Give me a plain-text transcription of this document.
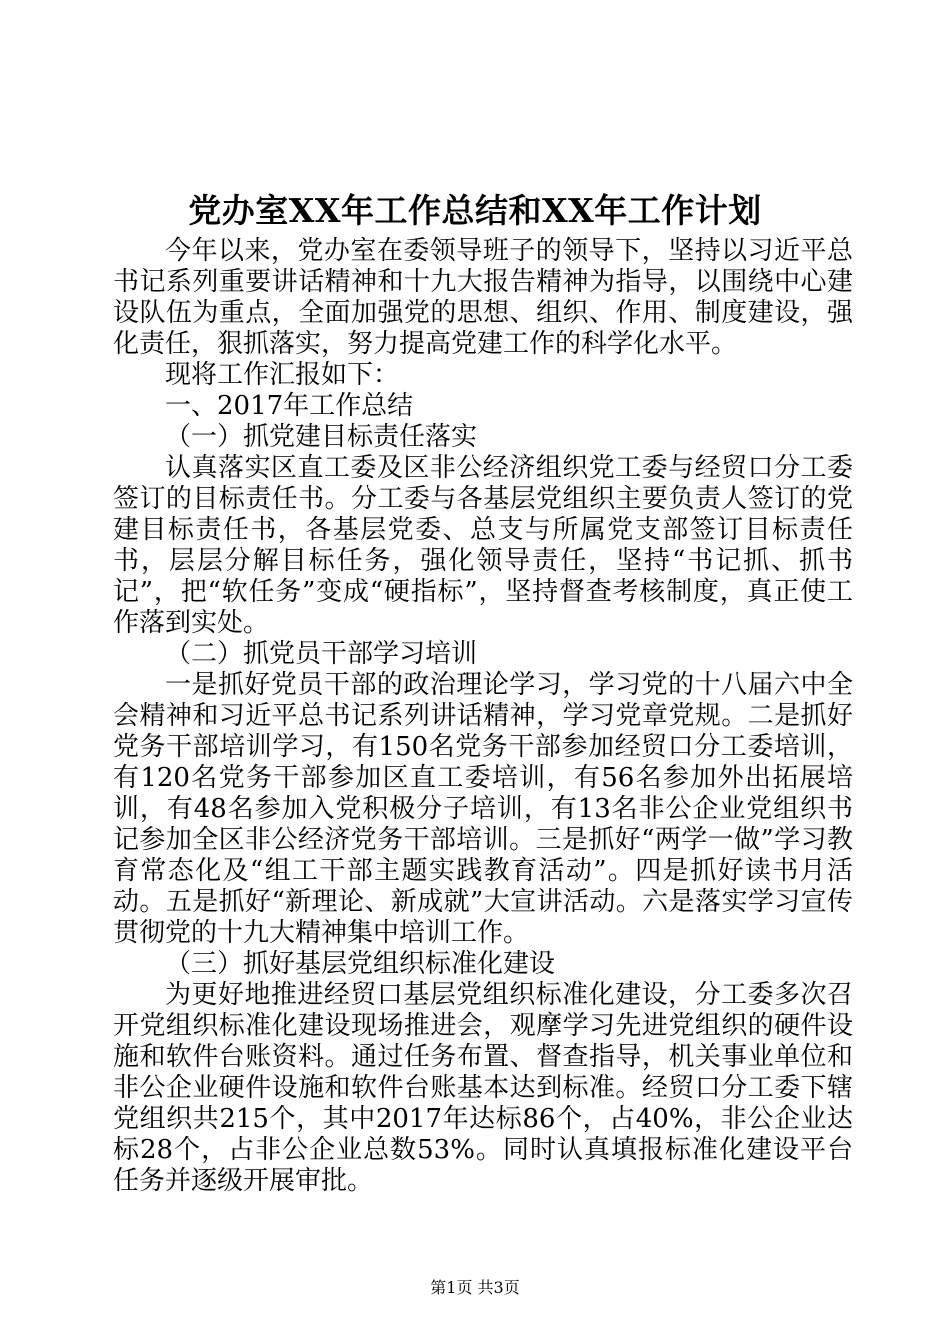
党办室XX年工作总结和XX年工作计划

今年以来，党办室在委领导班子的领导下，坚持以习近平总书记系列重要讲话精神和十九大报告精神为指导，以围绕中心建设队伍为重点，全面加强党的思想、组织、作用、制度建设，强化责任，狠抓落实，努力提高党建工作的科学化水平。

现将工作汇报如下：

一、2017年工作总结

（一）抓党建目标责任落实

认真落实区直工委及区非公经济组织党工委与经贸口分工委签订的目标责任书。分工委与各基层党组织主要负责人签订的党建目标责任书，各基层党委、总支与所属党支部签订目标责任书，层层分解目标任务，强化领导责任，坚持“书记抓、抓书记”，把“软任务”变成“硬指标”，坚持督查考核制度，真正使工作落到实处。

（二）抓党员干部学习培训

一是抓好党员干部的政治理论学习，学习党的十八届六中全会精神和习近平总书记系列讲话精神，学习党章党规。二是抓好党务干部培训学习，有150名党务干部参加经贸口分工委培训，有120名党务干部参加区直工委培训，有56名参加外出拓展培训，有48名参加入党积极分子培训，有13名非公企业党组织书记参加全区非公经济党务干部培训。三是抓好“两学一做”学习教育常态化及“组工干部主题实践教育活动”。四是抓好读书月活动。五是抓好“新理论、新成就”大宣讲活动。六是落实学习宣传贯彻党的十九大精神集中培训工作。

（三）抓好基层党组织标准化建设

为更好地推进经贸口基层党组织标准化建设，分工委多次召开党组织标准化建设现场推进会，观摩学习先进党组织的硬件设施和软件台账资料。通过任务布置、督查指导，机关事业单位和非公企业硬件设施和软件台账基本达到标准。经贸口分工委下辖党组织共215个，其中2017年达标86个，占40%，非公企业达标28个，占非公企业总数53%。同时认真填报标准化建设平台任务并逐级开展审批。

第1页 共3页
